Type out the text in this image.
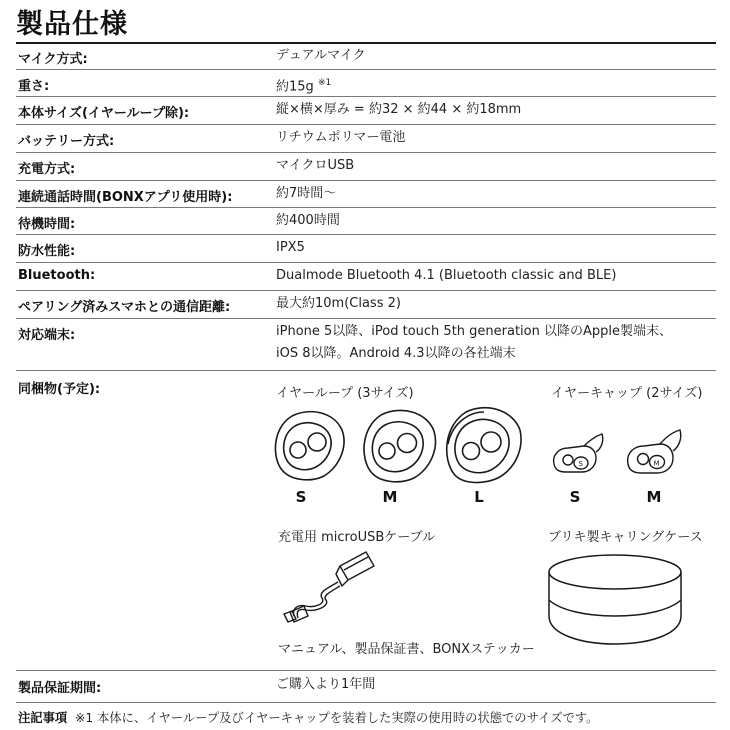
製品仕様
マイク方式:	デュアルマイク
重さ:	約15g $^{※1}$
本体サイズ(イヤーループ除):	縦×横×厚み = 約32 × 約44 × 約18mm
バッテリー方式:	リチウムポリマー電池
充電方式:	マイクロUSB
連続通話時間(BONXアプリ使用時):	約7時間〜
待機時間:	約400時間
防水性能:	IPX5
Bluetooth:	Dualmode Bluetooth 4.1 (Bluetooth classic and BLE)
ペアリング済みスマホとの通信距離:	最大約10m(Class 2)
対応端末:	iPhone 5以降、iPod touch 5th generation 以降のApple製端末、
iOS 8以降。Android 4.3以降の各社端末
同梱物(予定):	イヤーループ (3サイズ)	イヤーキャップ (2サイズ)
S	M	L
S	M
S	M
充電用 microUSBケーブル	ブリキ製キャリングケース
マニュアル、製品保証書、BONXステッカー
製品保証期間:	ご購入より1年間
注記事項 ※1 本体に、イヤーループ及びイヤーキャップを装着した実際の使用時の状態でのサイズです。
